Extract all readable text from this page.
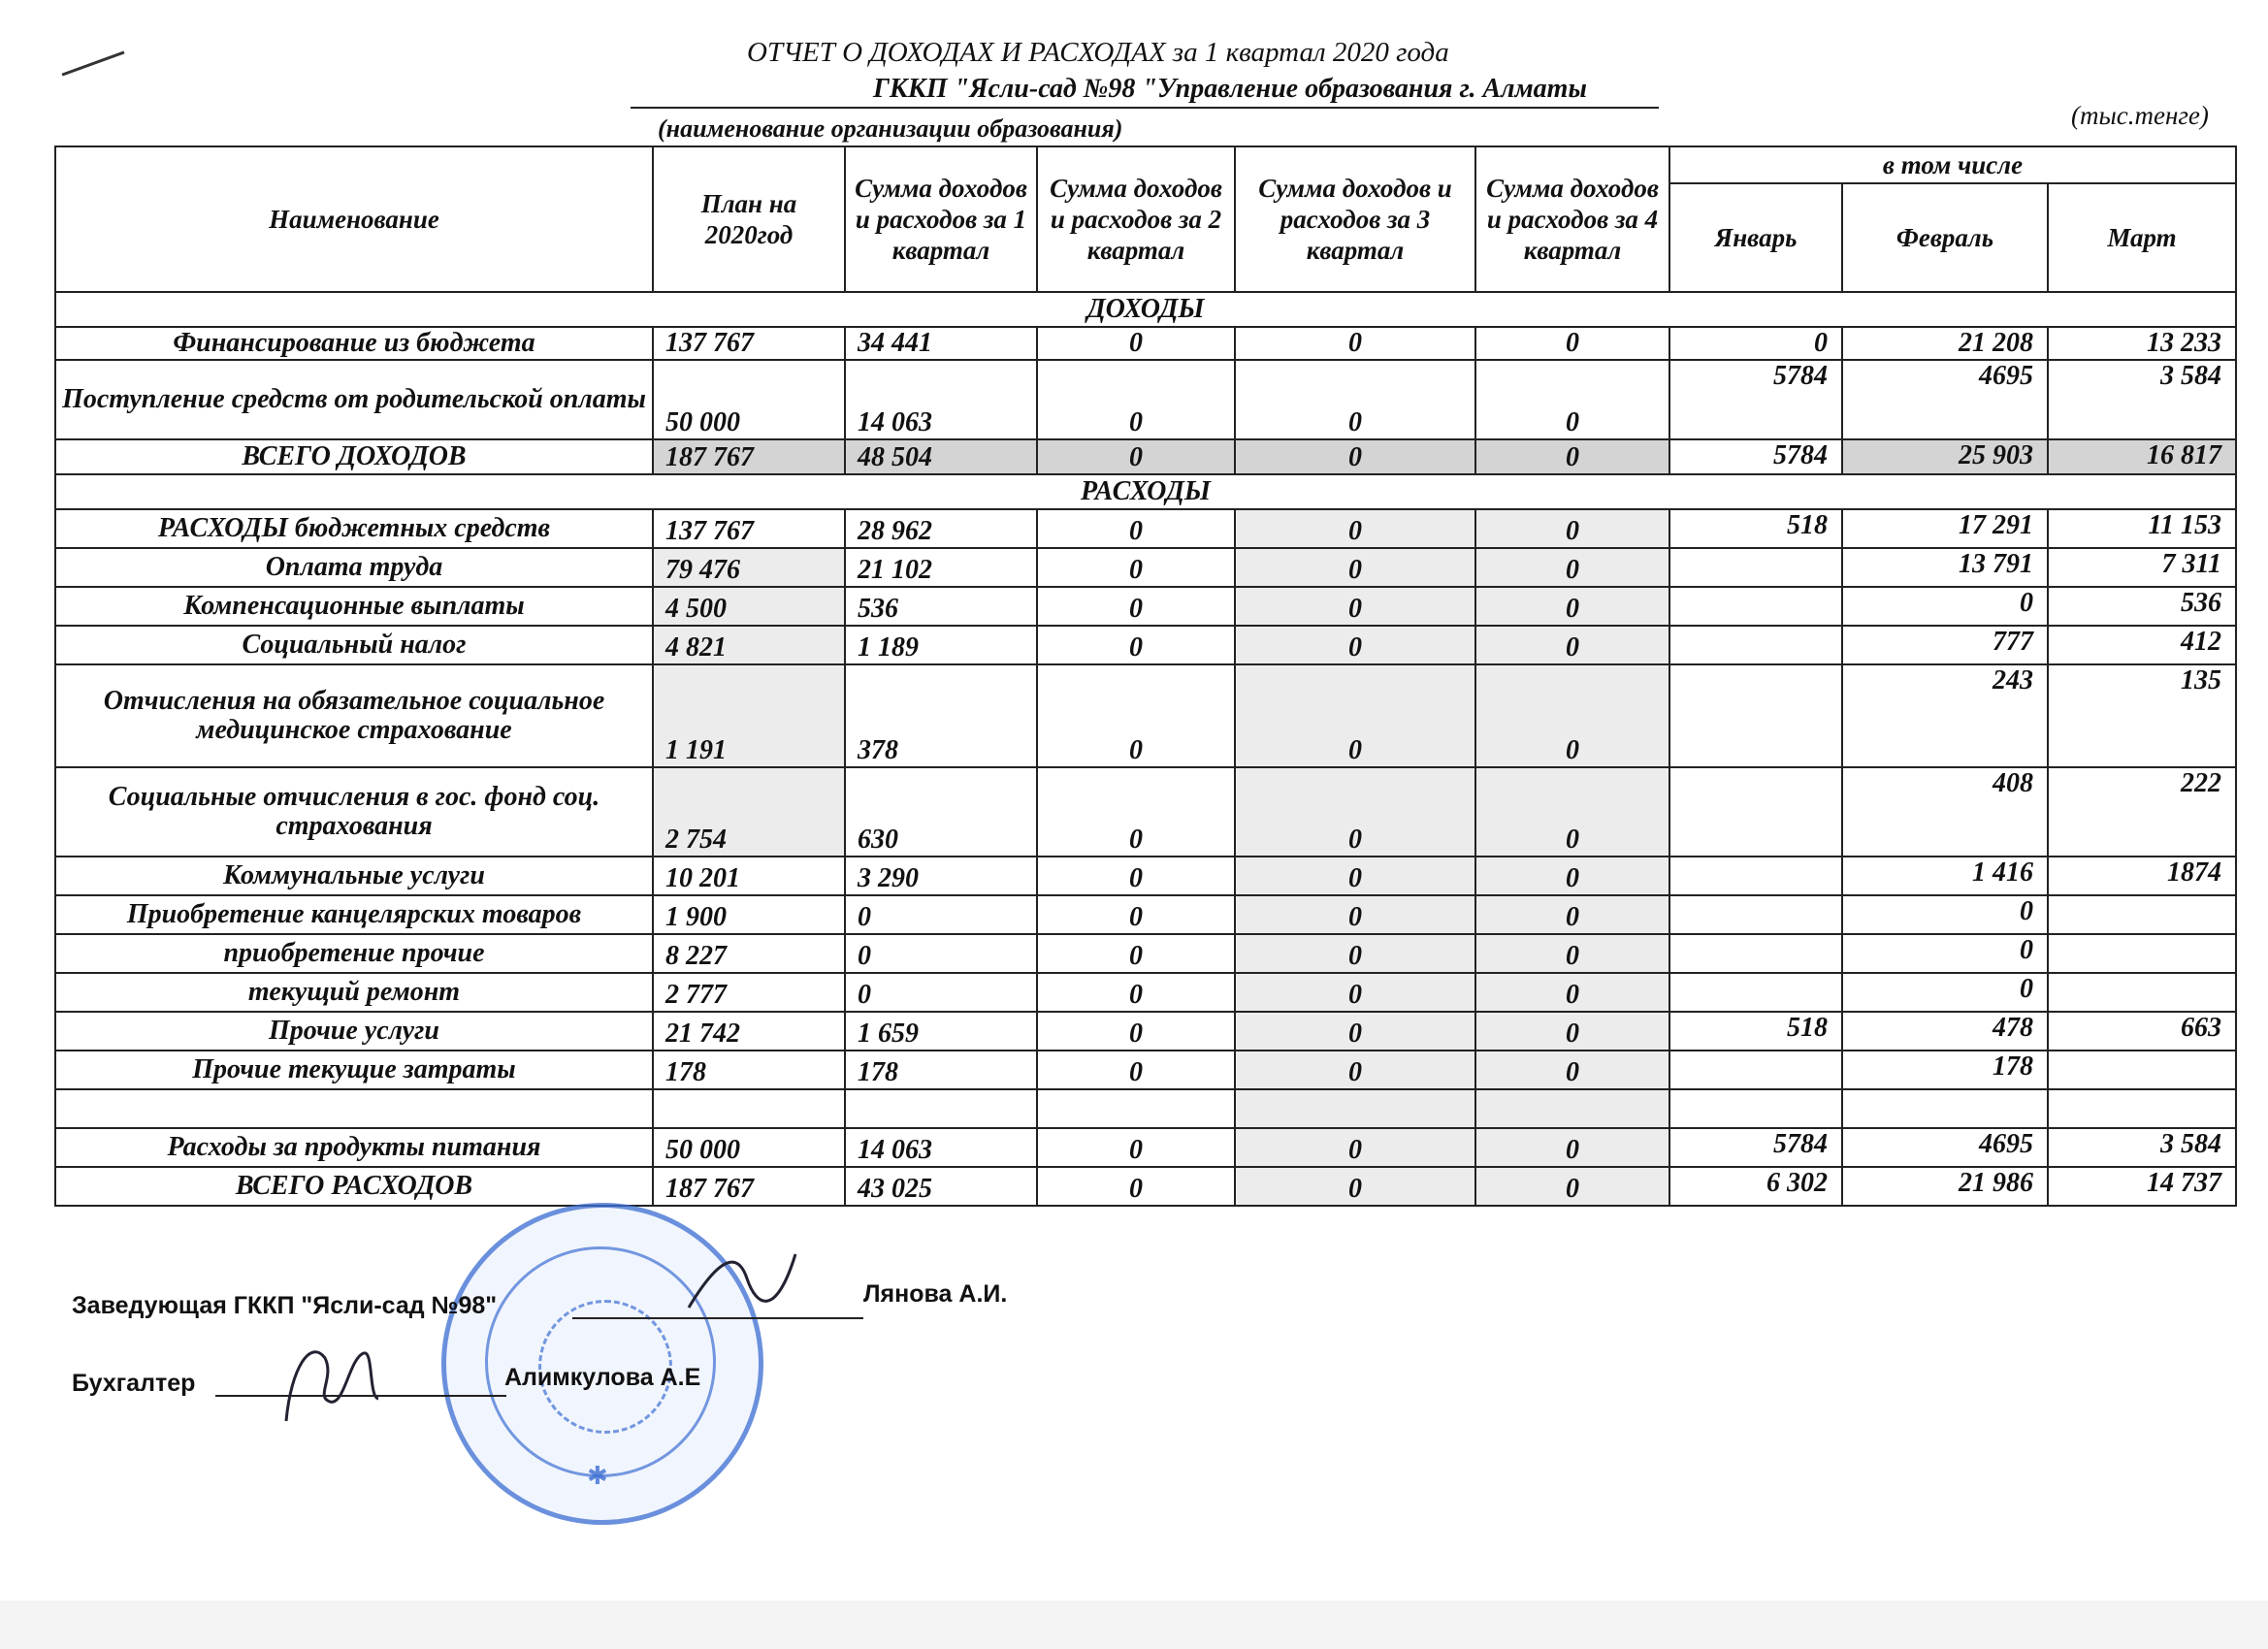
ОТЧЕТ О ДОХОДАХ И РАСХОДАХ за 1 квартал 2020 года
ГККП "Ясли-сад №98 "Управление образования г. Алматы
(наименование организации образования)	(тыс.тенге)
Наименование	План на 2020год	Сумма доходов и расходов за 1 квартал	Сумма доходов и расходов за 2 квартал	Сумма доходов и расходов за 3 квартал	Сумма доходов и расходов за 4 квартал	в том числе		
						Январь	Февраль	Март
ДОХОДЫ								
Финансирование из бюджета	137 767	34 441	0	0	0	0	21 208	13 233
Поступление средств от родительской оплаты	50 000	14 063	0	0	0	5784	4695	3 584
ВСЕГО ДОХОДОВ	187 767	48 504	0	0	0	5784	25 903	16 817
РАСХОДЫ								
РАСХОДЫ бюджетных средств	137 767	28 962	0	0	0	518	17 291	11 153
Оплата труда	79 476	21 102	0	0	0		13 791	7 311
Компенсационные выплаты	4 500	536	0	0	0		0	536
Социальный налог	4 821	1 189	0	0	0		777	412
Отчисления на обязательное социальное медицинское страхование	1 191	378	0	0	0		243	135
Социальные отчисления в гос. фонд соц. страхования	2 754	630	0	0	0		408	222
Коммунальные услуги	10 201	3 290	0	0	0		1 416	1874
Приобретение канцелярских товаров	1 900	0	0	0	0		0	
приобретение прочие	8 227	0	0	0	0		0	
текущий ремонт	2 777	0	0	0	0		0	
Прочие услуги	21 742	1 659	0	0	0	518	478	663
Прочие текущие затраты	178	178	0	0	0		178	

Расходы за продукты питания	50 000	14 063	0	0	0	5784	4695	3 584
ВСЕГО РАСХОДОВ	187 767	43 025	0	0	0	6 302	21 986	14 737
✱
Заведующая ГККП "Ясли-сад №98"	Лянова А.И.
Бухгалтер	Алимкулова А.Е
